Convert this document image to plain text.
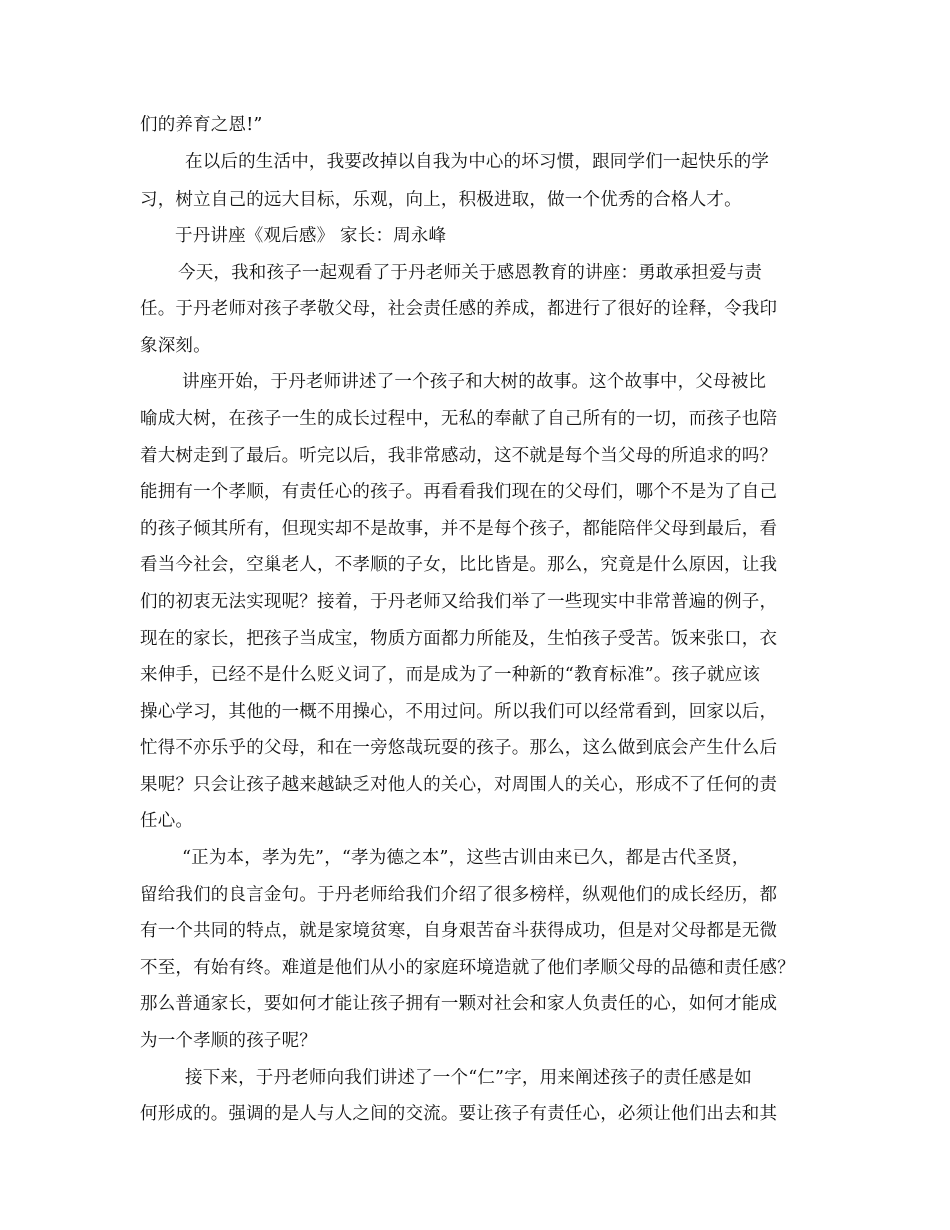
们的养育之恩!”
在以后的生活中，我要改掉以自我为中心的坏习惯，跟同学们一起快乐的学
习，树立自己的远大目标，乐观，向上，积极进取，做一个优秀的合格人才。
于丹讲座《观后感》 家长：周永峰
今天，我和孩子一起观看了于丹老师关于感恩教育的讲座：勇敢承担爱与责
任。于丹老师对孩子孝敬父母，社会责任感的养成，都进行了很好的诠释，令我印
象深刻。
讲座开始，于丹老师讲述了一个孩子和大树的故事。这个故事中，父母被比
喻成大树，在孩子一生的成长过程中，无私的奉献了自己所有的一切，而孩子也陪
着大树走到了最后。听完以后，我非常感动，这不就是每个当父母的所追求的吗？
能拥有一个孝顺，有责任心的孩子。再看看我们现在的父母们，哪个不是为了自己
的孩子倾其所有，但现实却不是故事，并不是每个孩子，都能陪伴父母到最后，看
看当今社会，空巢老人，不孝顺的子女，比比皆是。那么，究竟是什么原因，让我
们的初衷无法实现呢？接着，于丹老师又给我们举了一些现实中非常普遍的例子，
现在的家长，把孩子当成宝，物质方面都力所能及，生怕孩子受苦。饭来张口，衣
来伸手，已经不是什么贬义词了，而是成为了一种新的“教育标准”。孩子就应该
操心学习，其他的一概不用操心，不用过问。所以我们可以经常看到，回家以后，
忙得不亦乐乎的父母，和在一旁悠哉玩耍的孩子。那么，这么做到底会产生什么后
果呢？只会让孩子越来越缺乏对他人的关心，对周围人的关心，形成不了任何的责
任心。
“正为本，孝为先”，“孝为德之本”，这些古训由来已久，都是古代圣贤，
留给我们的良言金句。于丹老师给我们介绍了很多榜样，纵观他们的成长经历，都
有一个共同的特点，就是家境贫寒，自身艰苦奋斗获得成功，但是对父母都是无微
不至，有始有终。难道是他们从小的家庭环境造就了他们孝顺父母的品德和责任感？
那么普通家长，要如何才能让孩子拥有一颗对社会和家人负责任的心，如何才能成
为一个孝顺的孩子呢？
接下来，于丹老师向我们讲述了一个“仁”字，用来阐述孩子的责任感是如
何形成的。强调的是人与人之间的交流。要让孩子有责任心，必须让他们出去和其
